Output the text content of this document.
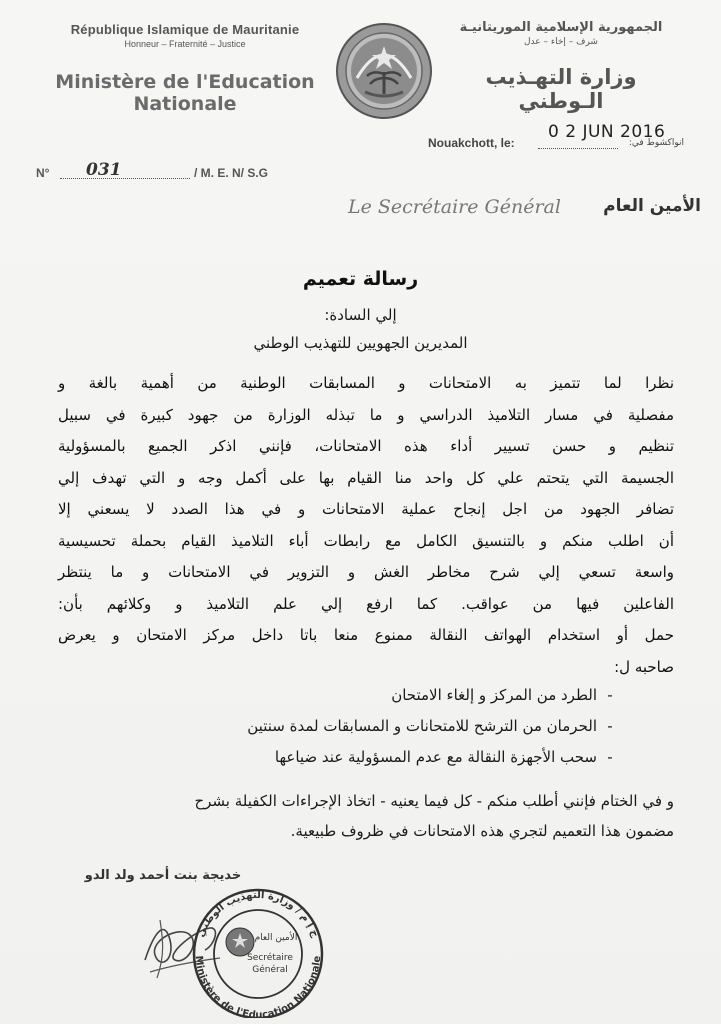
République Islamique de Mauritanie
Honneur – Fraternité – Justice
Ministère de l'Education
Nationale
الجمهورية الإسلامية الموريتانيـة
شرف – إخاء – عدل
وزارة التهـذيب الـوطني
Nouakchott, le:
0 2 JUN 2016
انواكشوط في:
N° 031	/ M. E. N/ S.G
Le Secrétaire Général الأمين العام
رسالة تعميم
إلي السادة:
المديرين الجهويين للتهذيب الوطني
نظرا لما تتميز به الامتحانات و المسابقات الوطنية من أهمية بالغة و
مفصلية في مسار التلاميذ الدراسي و ما تبذله الوزارة من جهود كبيرة في سبيل
تنظيم و حسن تسيير أداء هذه الامتحانات، فإنني اذكر الجميع بالمسؤولية
الجسيمة التي يتحتم علي كل واحد منا القيام بها على أكمل وجه و التي تهدف إلي
تضافر الجهود من اجل إنجاح عملية الامتحانات و في هذا الصدد لا يسعني إلا
أن اطلب منكم و بالتنسيق الكامل مع رابطات أباء التلاميذ القيام بحملة تحسيسية
واسعة تسعي إلي شرح مخاطر الغش و التزوير في الامتحانات و ما ينتظر
الفاعلين فيها من عواقب. كما ارفع إلي علم التلاميذ و وكلائهم بأن:
حمل أو استخدام الهواتف النقالة ممنوع منعا باتا داخل مركز الامتحان و يعرض
صاحبه ل:
-الطرد من المركز و إلغاء الامتحان
-الحرمان من الترشح للامتحانات و المسابقات لمدة سنتين
-سحب الأجهزة النقالة مع عدم المسؤولية عند ضياعها
و في الختام فإنني أطلب منكم - كل فيما يعنيه - اتخاذ الإجراءات الكفيلة بشرح
مضمون هذا التعميم لتجري هذه الامتحانات في ظروف طبيعية.
خديجة بنت أحمد ولد الدو
ج إ م / وزارة التهذيب الوطني
Ministère de l'Education Nationale
الأمين العام
Secrétaire
Général
